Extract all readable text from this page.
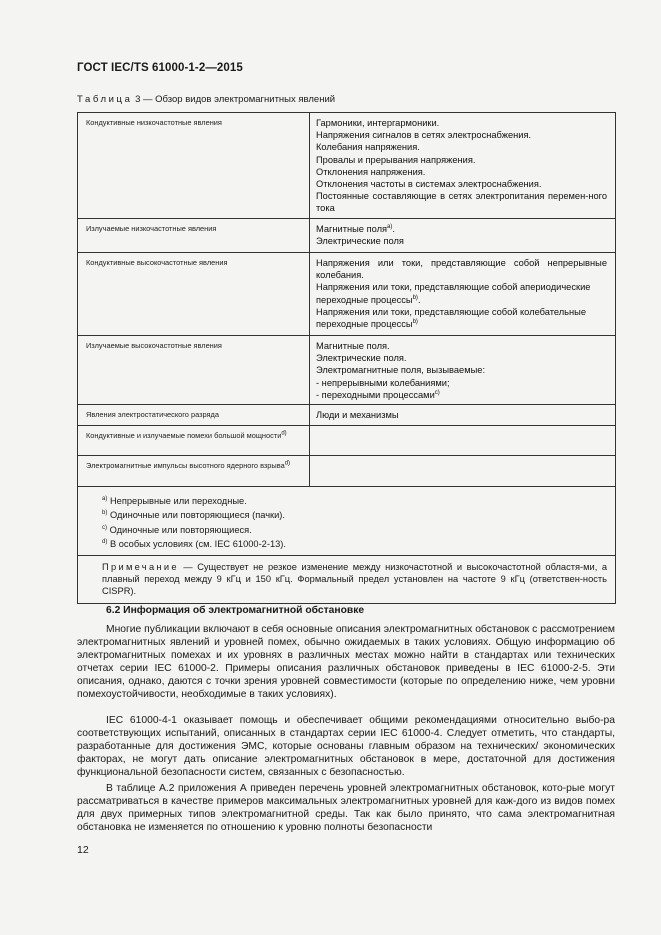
ГОСТ IEC/TS 61000-1-2—2015
Таблица 3 — Обзор видов электромагнитных явлений
Кондуктивные низкочастотные явления	Гармоники, интергармоники.
Напряжения сигналов в сетях электроснабжения.
Колебания напряжения.
Провалы и прерывания напряжения.
Отклонения напряжения.
Отклонения частоты в системах электроснабжения.
Постоянные составляющие в сетях электропитания перемен-ного тока
Излучаемые низкочастотные явления	Магнитные поля$^{a)}$.
Электрические поля
Кондуктивные высокочастотные явления	Напряжения или токи, представляющие собой непрерывные колебания.
Напряжения или токи, представляющие собой апериодические переходные процессы$^{b)}$.
Напряжения или токи, представляющие собой колебательные переходные процессы$^{b)}$
Излучаемые высокочастотные явления	Магнитные поля.
Электрические поля.
Электромагнитные поля, вызываемые:
- непрерывными колебаниями;
- переходными процессами$^{c)}$
Явления электростатического разряда	Люди и механизмы
Кондуктивные и излучаемые помехи большой мощности$^{d)}$
Электромагнитные импульсы высотного ядерного взрыва$^{d)}$
$^{a)}$ Непрерывные или переходные.
$^{b)}$ Одиночные или повторяющиеся (пачки).
$^{c)}$ Одиночные или повторяющиеся.
$^{d)}$ В особых условиях (см. IEC 61000-2-13).
Примечание — Существует не резкое изменение между низкочастотной и высокочастотной областя-ми, а плавный переход между 9 кГц и 150 кГц. Формальный предел установлен на частоте 9 кГц (ответствен-ность CISPR).
6.2 Информация об электромагнитной обстановке

Многие публикации включают в себя основные описания электромагнитных обстановок с рассмотрением электромагнитных явлений и уровней помех, обычно ожидаемых в таких условиях. Общую информацию об электромагнитных помехах и их уровнях в различных местах можно найти в стандартах или технических отчетах серии IEC 61000-2. Примеры описания различных обстановок приведены в IEC 61000-2-5. Эти описания, однако, даются с точки зрения уровней совместимости (которые по определению ниже, чем уровни помехоустойчивости, необходимые в таких условиях).

IEC 61000-4-1 оказывает помощь и обеспечивает общими рекомендациями относительно выбо-ра соответствующих испытаний, описанных в стандартах серии IEC 61000-4. Следует отметить, что стандарты, разработанные для достижения ЭМС, которые основаны главным образом на технических/ экономических факторах, не могут дать описание электромагнитных обстановок в мере, достаточной для достижения функциональной безопасности систем, связанных с безопасностью.

В таблице А.2 приложения А приведен перечень уровней электромагнитных обстановок, кото-рые могут рассматриваться в качестве примеров максимальных электромагнитных уровней для каж-дого из видов помех для двух примерных типов электромагнитной среды. Так как было принято, что сама электромагнитная обстановка не изменяется по отношению к уровню полноты безопасности

12
